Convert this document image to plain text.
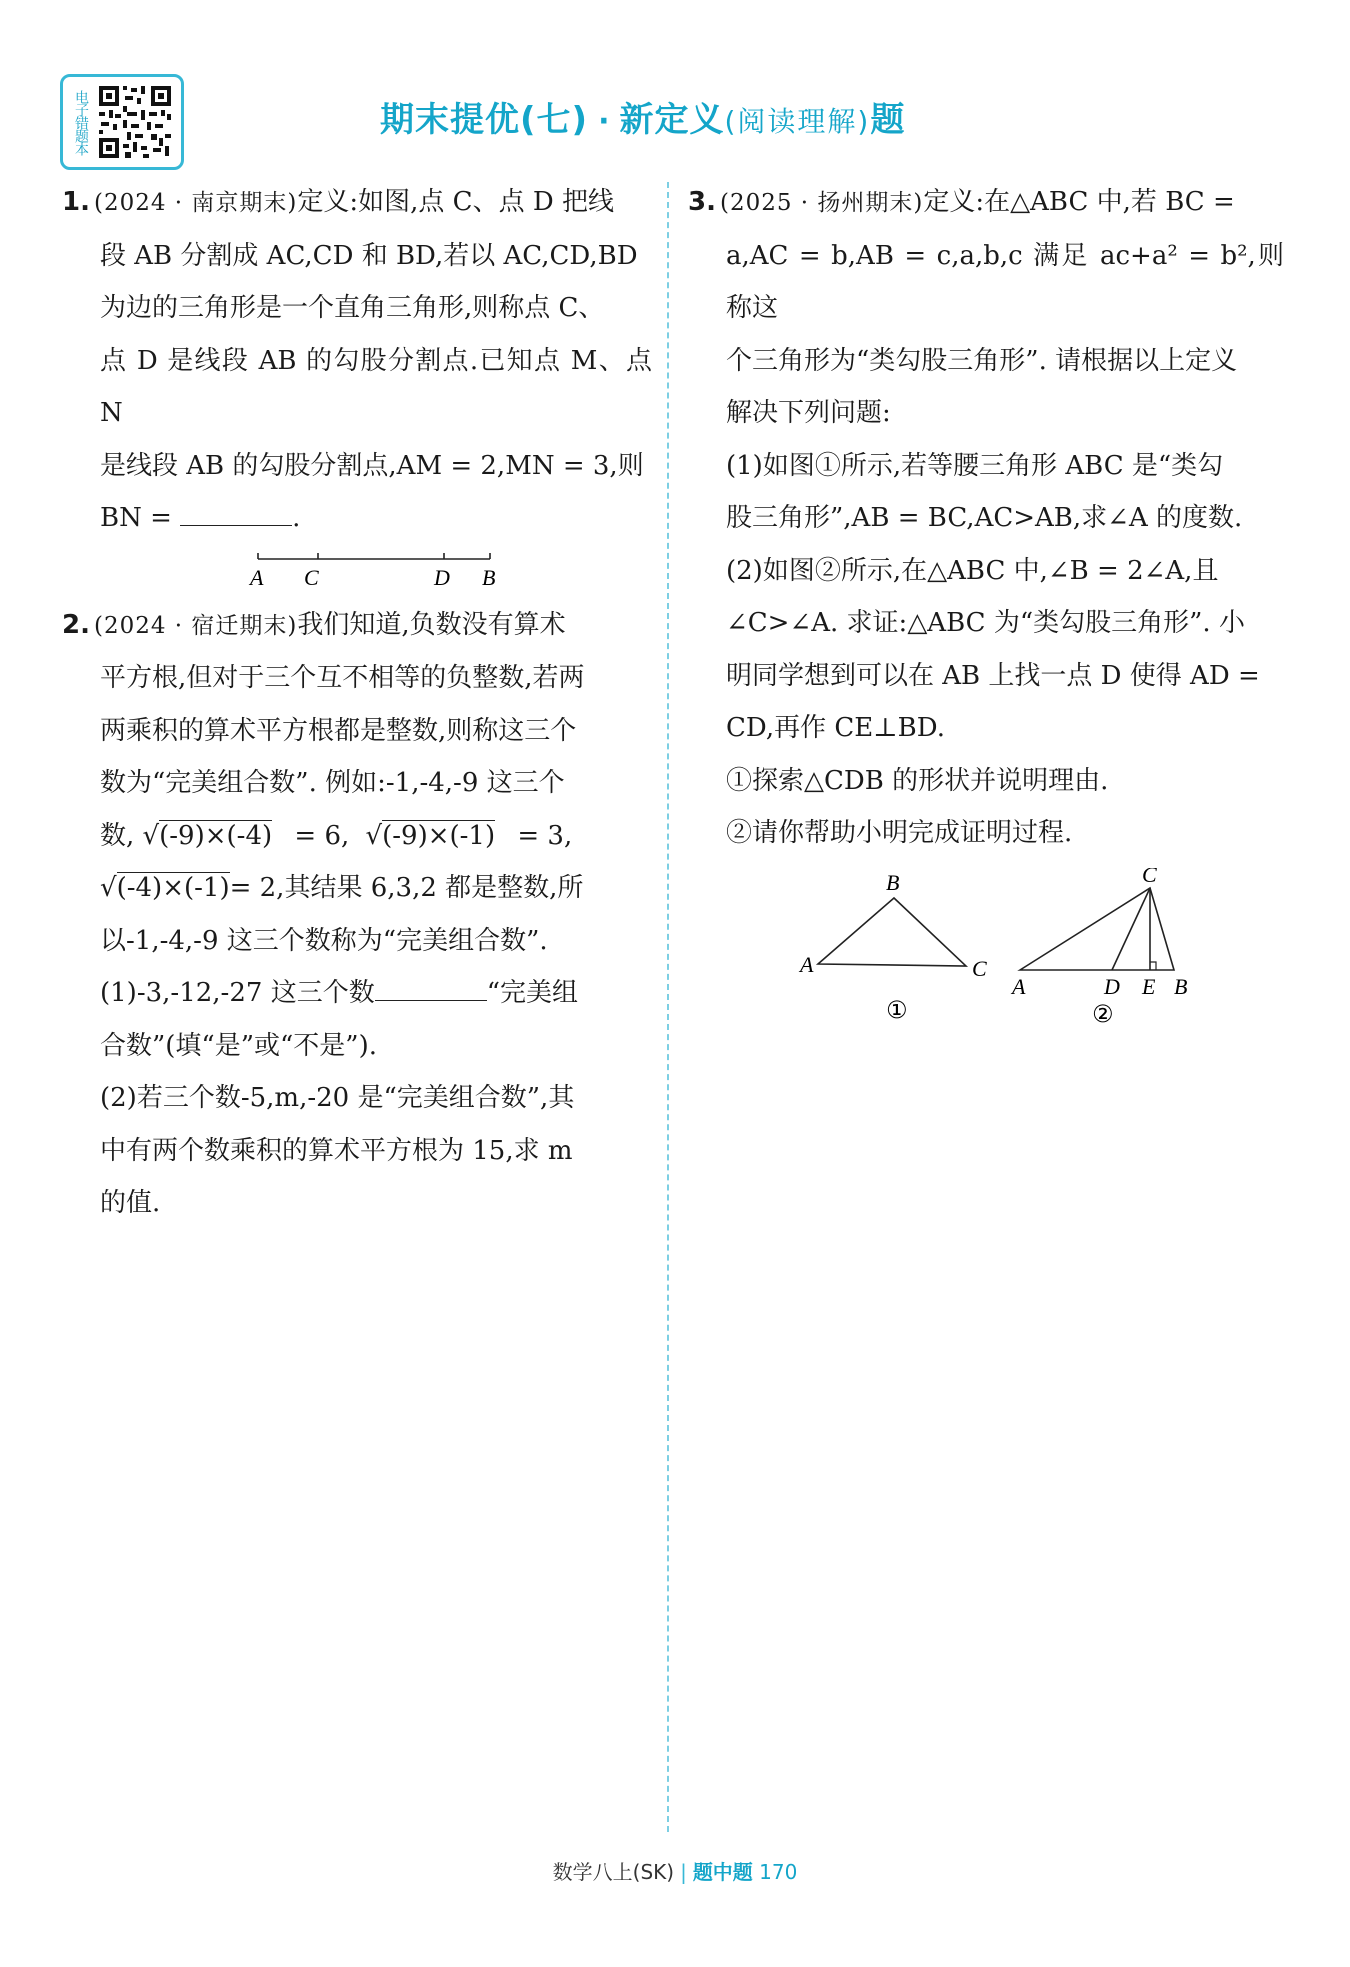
电子错题本	期末提优(七) · 新定义(阅读理解)题

1. (2024 · 南京期末)定义:如图,点 C、点 D 把线

段 AB 分割成 AC,CD 和 BD,若以 AC,CD,BD

为边的三角形是一个直角三角形,则称点 C、

点 D 是线段 AB 的勾股分割点.已知点 M、点 N

是线段 AB 的勾股分割点,AM = 2,MN = 3,则

BN =	.

A C	D B

2. (2024 · 宿迁期末)我们知道,负数没有算术

平方根,但对于三个互不相等的负整数,若两

两乘积的算术平方根都是整数,则称这三个

数为“完美组合数”. 例如:-1,-4,-9 这三个

数, √(-9)×(-4) = 6, √(-9)×(-1) = 3,

√(-4)×(-1)= 2,其结果 6,3,2 都是整数,所

以-1,-4,-9 这三个数称为“完美组合数”.

(1)-3,-12,-27 这三个数	“完美组

合数”(填“是”或“不是”).

(2)若三个数-5,m,-20 是“完美组合数”,其

中有两个数乘积的算术平方根为 15,求 m

的值.

3. (2025 · 扬州期末)定义:在△ABC 中,若 BC =

a,AC = b,AB = c,a,b,c 满足 ac+a² = b²,则称这

个三角形为“类勾股三角形”. 请根据以上定义

解决下列问题:

(1)如图①所示,若等腰三角形 ABC 是“类勾

股三角形”,AB = BC,AC>AB,求∠A 的度数.

(2)如图②所示,在△ABC 中,∠B = 2∠A,且

∠C>∠A. 求证:△ABC 为“类勾股三角形”. 小

明同学想到可以在 AB 上找一点 D 使得 AD =

CD,再作 CE⊥BD.

①探索△CDB 的形状并说明理由.

②请你帮助小明完成证明过程.

B
A	C
①
C
A	D E B
②
数学八上(SK) | 题中题 170
